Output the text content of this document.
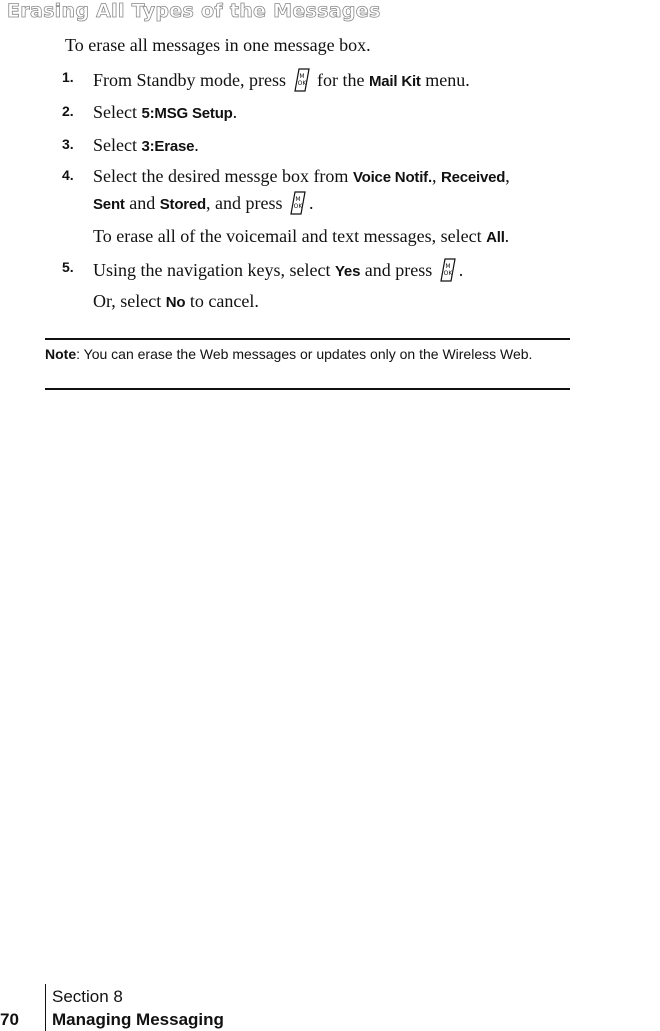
Erasing All Types of the Messages
To erase all messages in one message box.
1. From Standby mode, press M
OK for the Mail Kit menu.
2. Select 5:MSG Setup.
3. Select 3:Erase.
4. Select the desired messge box from Voice Notif., Received,
Sent and Stored, and press M
OK .
To erase all of the voicemail and text messages, select All.
5. Using the navigation keys, select Yes and press M
OK .
Or, select No to cancel.
Note: You can erase the Web messages or updates only on the Wireless Web.
70
Section 8
Managing Messaging
